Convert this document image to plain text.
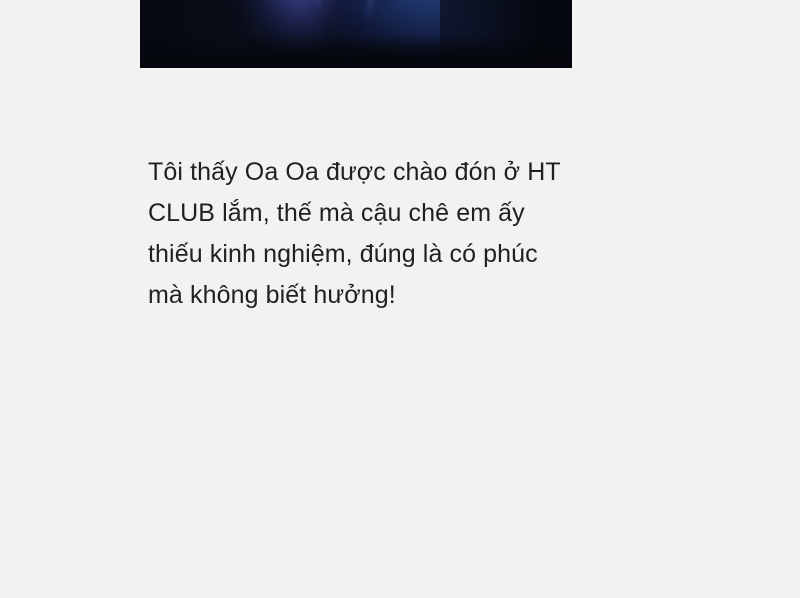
Tôi thấy Oa Oa được chào đón ở HT CLUB lắm, thế mà cậu chê em ấy thiếu kinh nghiệm, đúng là có phúc mà không biết hưởng!
